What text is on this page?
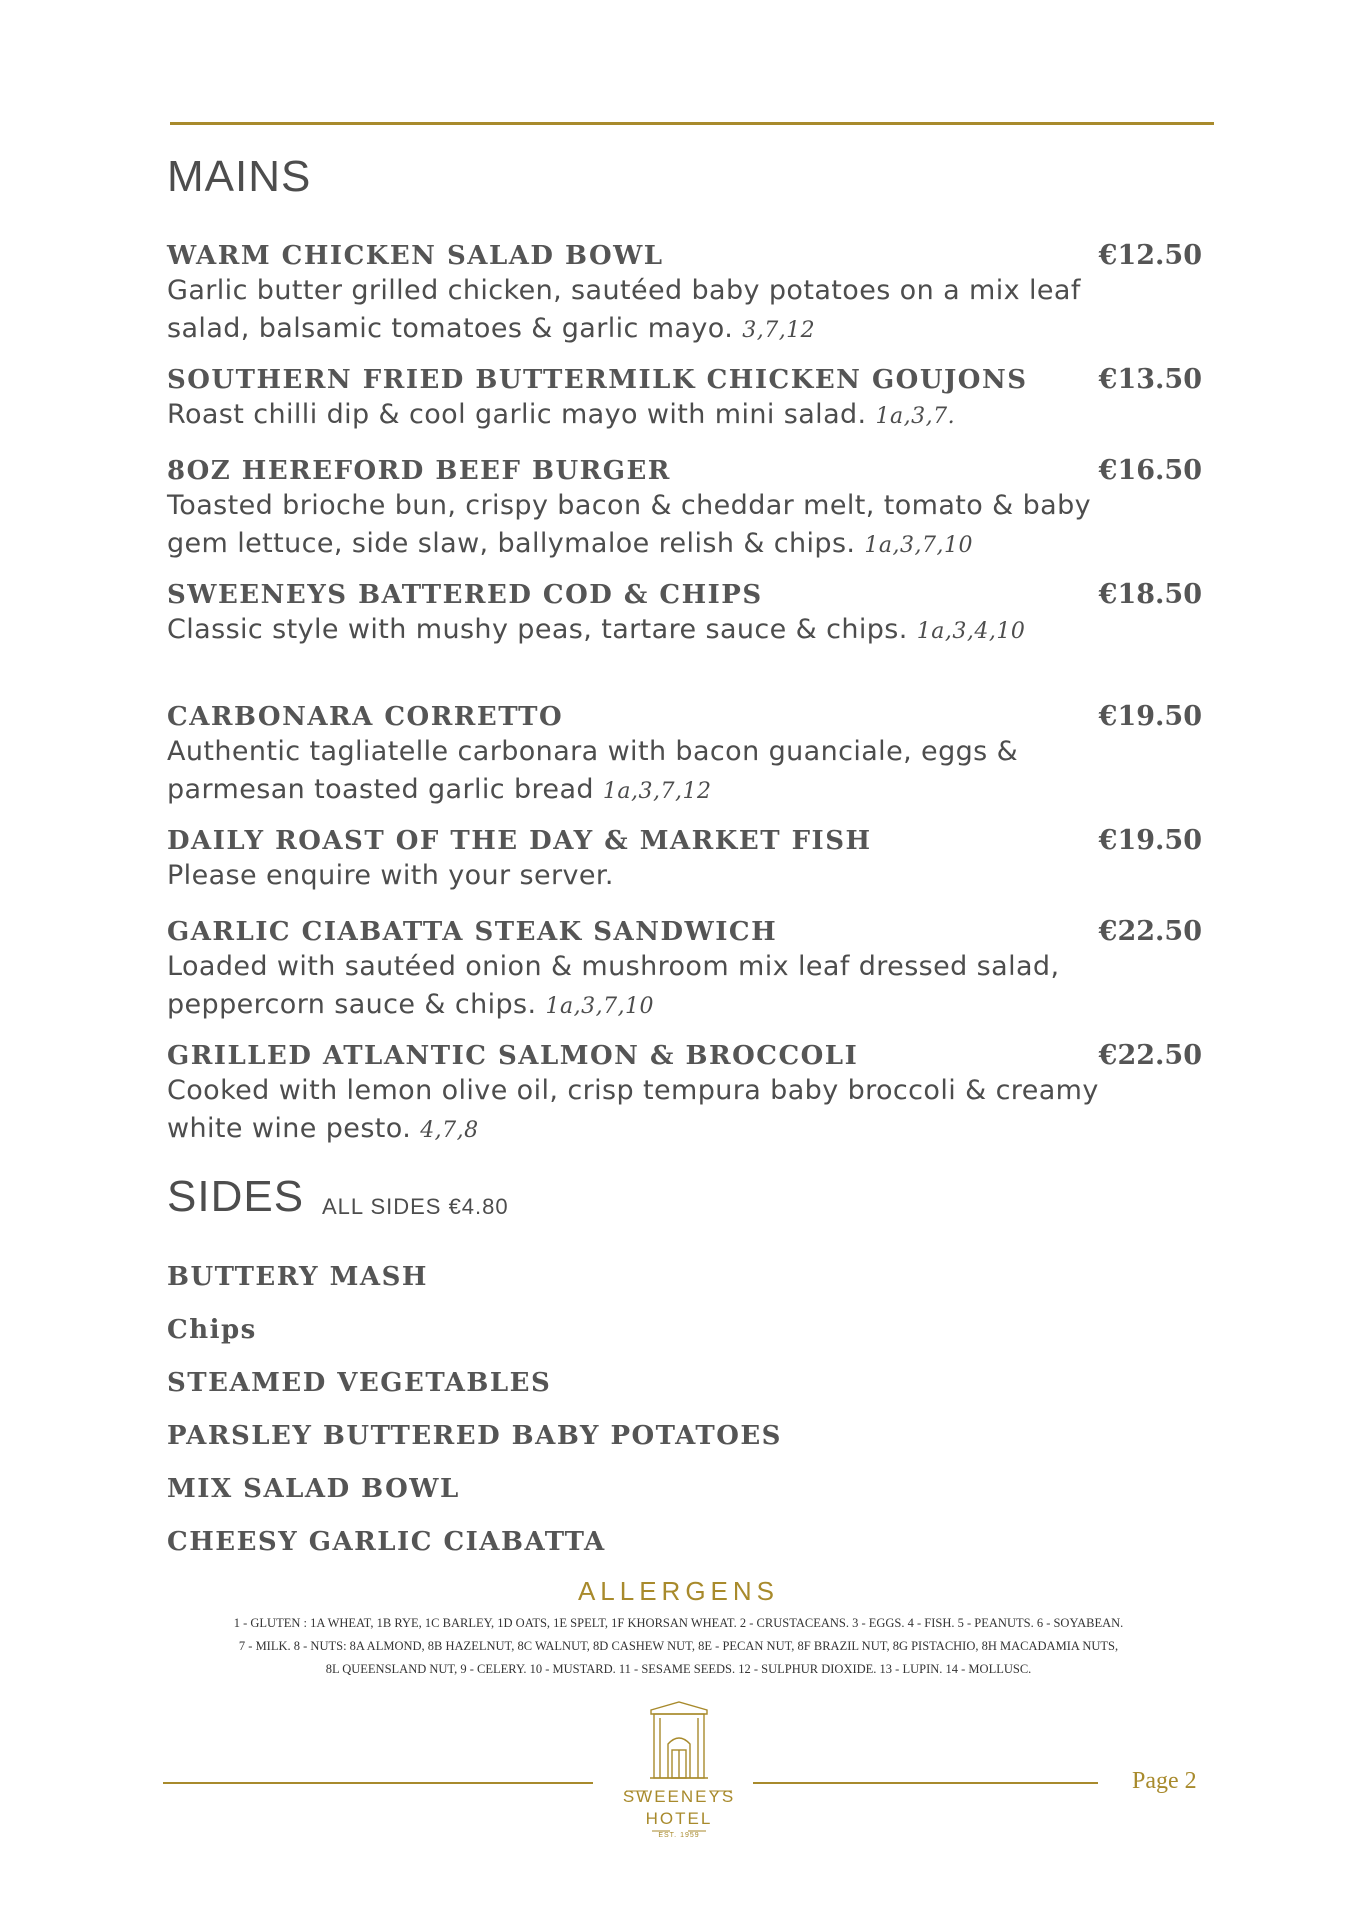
MAINS
WARM CHICKEN SALAD BOWL	€12.50
Garlic butter grilled chicken, sautéed baby potatoes on a mix leaf salad, balsamic tomatoes & garlic mayo. 3,7,12
SOUTHERN FRIED BUTTERMILK CHICKEN GOUJONS	€13.50
Roast chilli dip & cool garlic mayo with mini salad. 1a,3,7.
8OZ HEREFORD BEEF BURGER	€16.50
Toasted brioche bun, crispy bacon & cheddar melt, tomato & baby gem lettuce, side slaw, ballymaloe relish & chips. 1a,3,7,10
SWEENEYS BATTERED COD & CHIPS	€18.50
Classic style with mushy peas, tartare sauce & chips. 1a,3,4,10
CARBONARA CORRETTO	€19.50
Authentic tagliatelle carbonara with bacon guanciale, eggs & parmesan toasted garlic bread 1a,3,7,12
DAILY ROAST OF THE DAY & MARKET FISH	€19.50
Please enquire with your server.
GARLIC CIABATTA STEAK SANDWICH	€22.50
Loaded with sautéed onion & mushroom mix leaf dressed salad, peppercorn sauce & chips. 1a,3,7,10
GRILLED ATLANTIC SALMON & BROCCOLI	€22.50
Cooked with lemon olive oil, crisp tempura baby broccoli & creamy white wine pesto. 4,7,8
SIDES ALL SIDES €4.80
BUTTERY MASH
Chips
STEAMED VEGETABLES
PARSLEY BUTTERED BABY POTATOES
MIX SALAD BOWL
CHEESY GARLIC CIABATTA
ALLERGENS
1 - GLUTEN : 1A WHEAT, 1B RYE, 1C BARLEY, 1D OATS, 1E SPELT, 1F KHORSAN WHEAT. 2 - CRUSTACEANS. 3 - EGGS. 4 - FISH. 5 - PEANUTS. 6 - SOYABEAN.
7 - MILK. 8 - NUTS: 8A ALMOND, 8B HAZELNUT, 8C WALNUT, 8D CASHEW NUT, 8E - PECAN NUT, 8F BRAZIL NUT, 8G PISTACHIO, 8H MACADAMIA NUTS,
8L QUEENSLAND NUT, 9 - CELERY. 10 - MUSTARD. 11 - SESAME SEEDS. 12 - SULPHUR DIOXIDE. 13 - LUPIN. 14 - MOLLUSC.
SWEENEYS
HOTEL
EST. 1959
Page 2
